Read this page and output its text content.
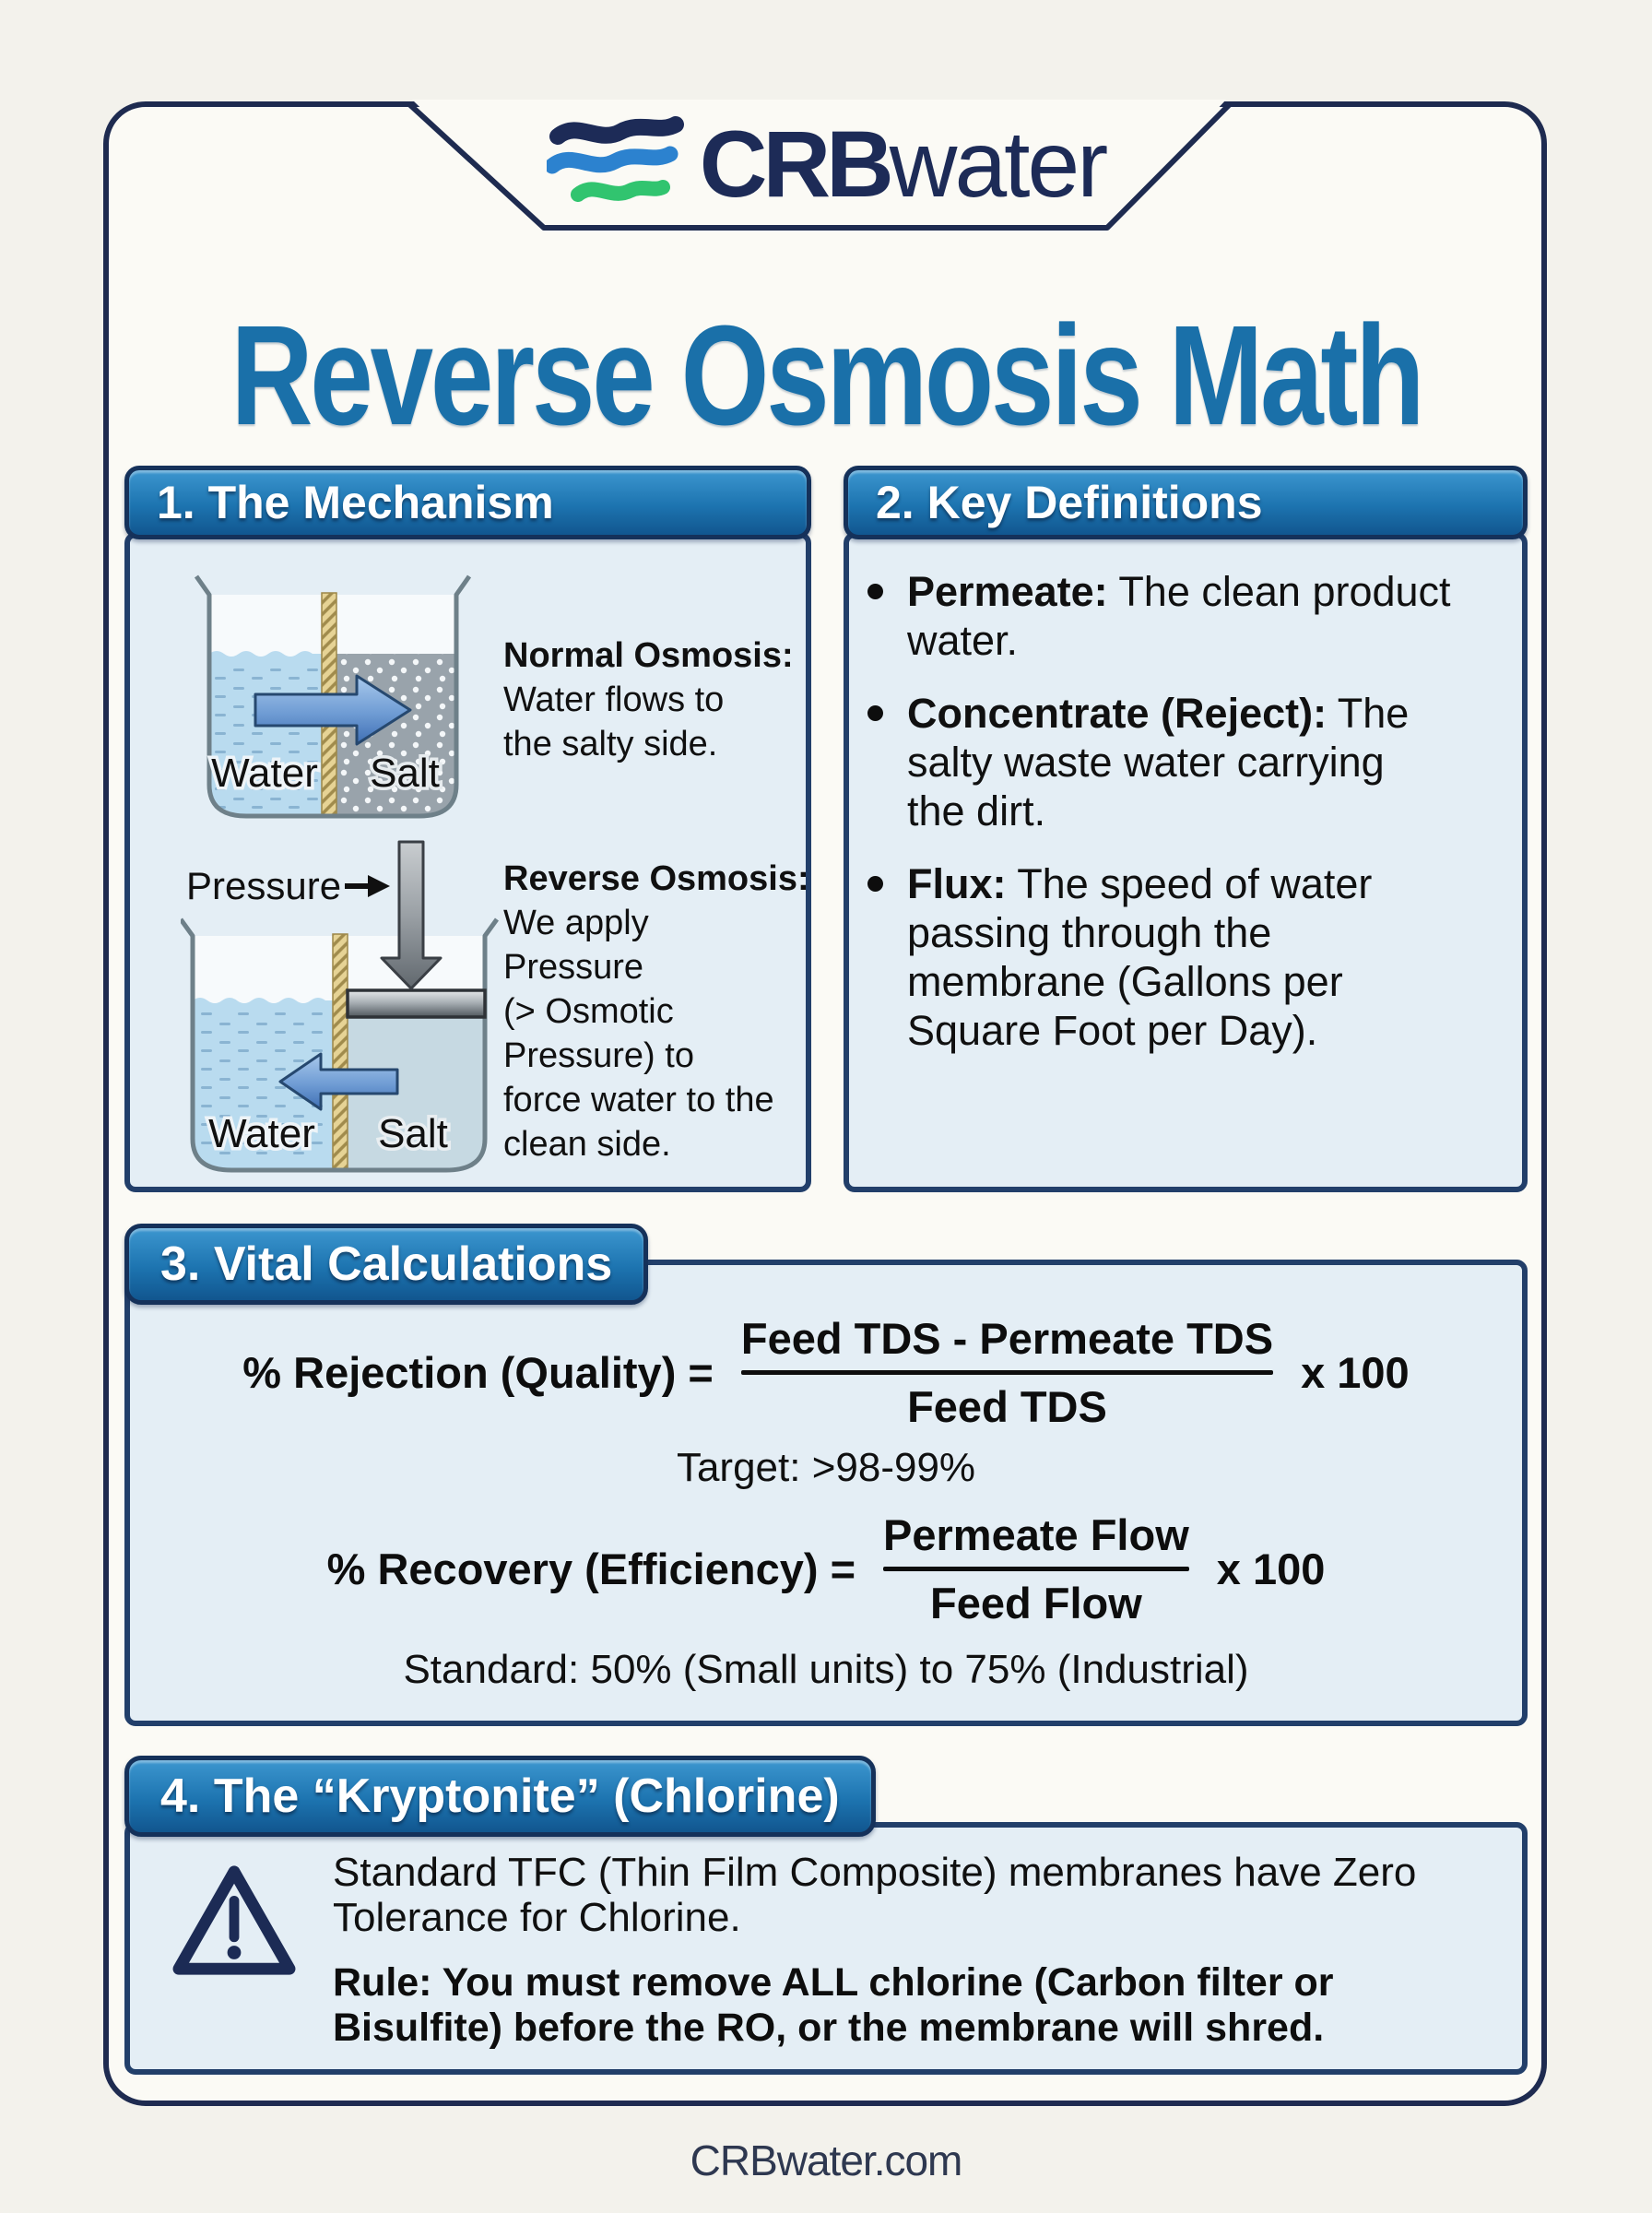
CRBwater
Reverse Osmosis Math
1. The Mechanism
Water Salt
Normal Osmosis:
Water flows to
the salty side.
Pressure
Water Salt
Reverse Osmosis:
We apply
Pressure
(> Osmotic
Pressure) to
force water to the
clean side.
2. Key Definitions
Permeate: The clean product
water.
Concentrate (Reject): The
salty waste water carrying
the dirt.
Flux: The speed of water
passing through the
membrane (Gallons per
Square Foot per Day).
3. Vital Calculations
% Rejection (Quality) =
Feed TDS - Permeate TDS
Feed TDS
x 100
Target: >98-99%
% Recovery (Efficiency) =
Permeate Flow
Feed Flow
x 100
Standard: 50% (Small units) to 75% (Industrial)
4. The “Kryptonite” (Chlorine)
Standard TFC (Thin Film Composite) membranes have Zero
Tolerance for Chlorine.
Rule: You must remove ALL chlorine (Carbon filter or
Bisulfite) before the RO, or the membrane will shred.
CRBwater.com
